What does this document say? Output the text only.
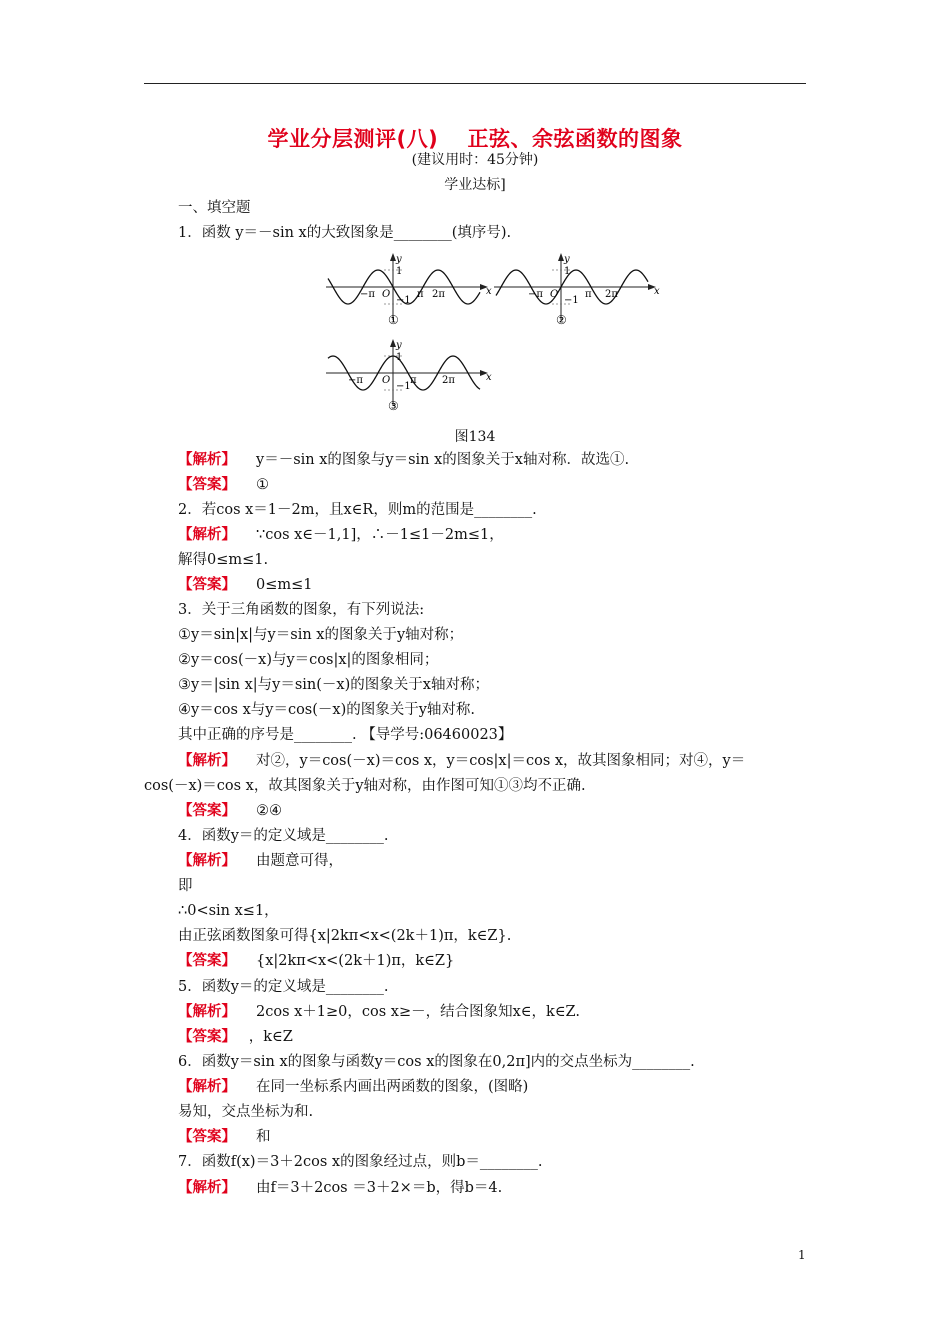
学业分层测评(八)　 正弦、余弦函数的图象
(建议用时：45分钟)
学业达标]
一、填空题
y
x
1
−1
O
−π	π 2π
①
y
x
1
−1
O
−π	π 2π
②
y
x
1
−1
O
−π	π	2π
③
图134
1．函数 y＝－sin x的大致图象是________(填序号).
【解析】 y＝－sin x的图象与y＝sin x的图象关于x轴对称．故选①.
【答案】 ①
2．若cos x＝1－2m，且x∈R，则m的范围是________.
【解析】 ∵cos x∈－1,1]，∴－1≤1－2m≤1，
解得0≤m≤1.
【答案】 0≤m≤1
3．关于三角函数的图象，有下列说法:
①y＝sin|x|与y＝sin x的图象关于y轴对称；
②y＝cos(－x)与y＝cos|x|的图象相同；
③y＝|sin x|与y＝sin(－x)的图象关于x轴对称；
④y＝cos x与y＝cos(－x)的图象关于y轴对称.
其中正确的序号是________. 【导学号:06460023】
【解析】 对②，y＝cos(－x)＝cos x，y＝cos|x|＝cos x，故其图象相同；对④，y＝
cos(－x)＝cos x，故其图象关于y轴对称，由作图可知①③均不正确.
【答案】 ②④
4．函数y＝的定义域是________.
【解析】 由题意可得，
即
∴0<sin x≤1，
由正弦函数图象可得{x|2kπ<x<(2k＋1)π，k∈Z}.
【答案】 {x|2kπ<x<(2k＋1)π，k∈Z}
5．函数y＝的定义域是________.
【解析】 2cos x＋1≥0，cos x≥－，结合图象知x∈，k∈Z.
【答案】 ，k∈Z
6．函数y＝sin x的图象与函数y＝cos x的图象在0,2π]内的交点坐标为________.
【解析】 在同一坐标系内画出两函数的图象，(图略)
易知，交点坐标为和.
【答案】 和
7．函数f(x)＝3＋2cos x的图象经过点，则b＝________.
【解析】 由f＝3＋2cos ＝3＋2×＝b，得b＝4.
1
